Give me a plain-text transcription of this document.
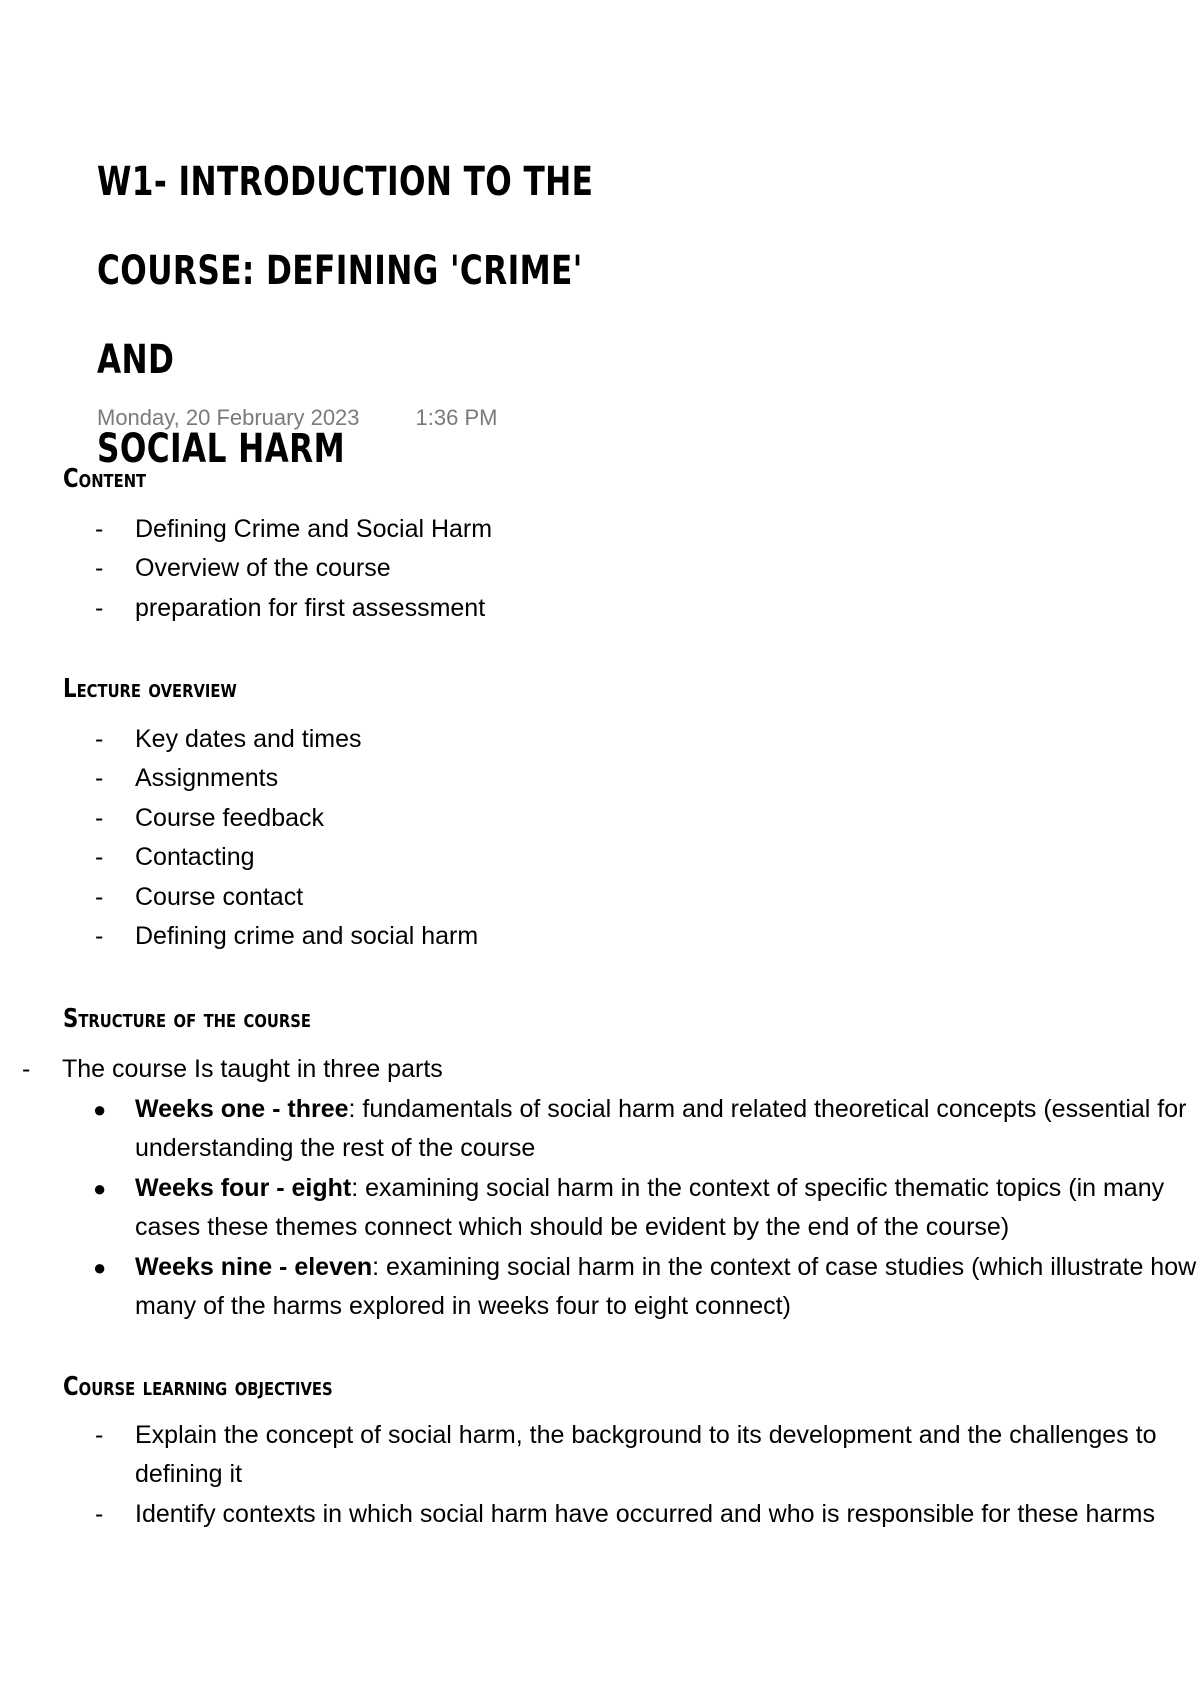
W1- INTRODUCTION TO THE
COURSE: DEFINING 'CRIME' AND
SOCIAL HARM
Monday, 20 February 2023	1:36 PM
Content
- Defining Crime and Social Harm
- Overview of the course
- preparation for first assessment
Lecture overview
- Key dates and times
- Assignments
- Course feedback
- Contacting
- Course contact
- Defining crime and social harm
Structure of the course
- The course Is taught in three parts
● Weeks one - three: fundamentals of social harm and related theoretical concepts (essential for understanding the rest of the course
● Weeks four - eight: examining social harm in the context of specific thematic topics (in many cases these themes connect which should be evident by the end of the course)
● Weeks nine - eleven: examining social harm in the context of case studies (which illustrate how many of the harms explored in weeks four to eight connect)
Course learning objectives
- Explain the concept of social harm, the background to its development and the challenges to defining it
- Identify contexts in which social harm have occurred and who is responsible for these harms
